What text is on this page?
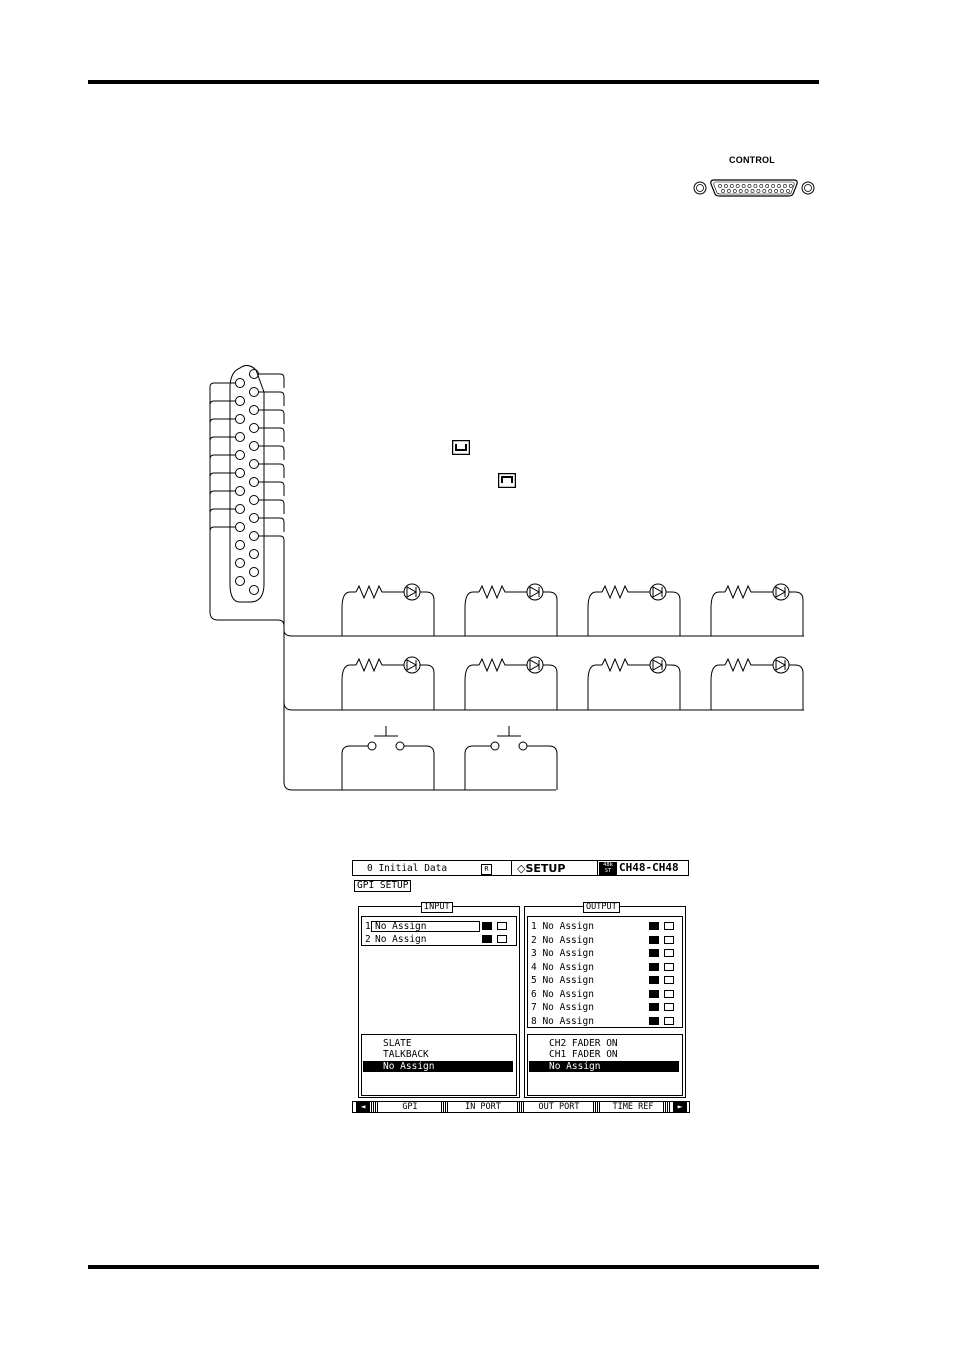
CONTROL
0 Initial Data	R	◇SETUP	48k
ST CH48-CH48
GPI SETUP
INPUT
1 No Assign
2 No Assign
SLATE
TALKBACK
No Assign
OUTPUT
CH2 FADER ON
CH1 FADER ON
No Assign
◄	GPI	IN PORT	OUT PORT	TIME REF	►
1 No Assign
2 No Assign
3 No Assign
4 No Assign
5 No Assign
6 No Assign
7 No Assign
8 No Assign
